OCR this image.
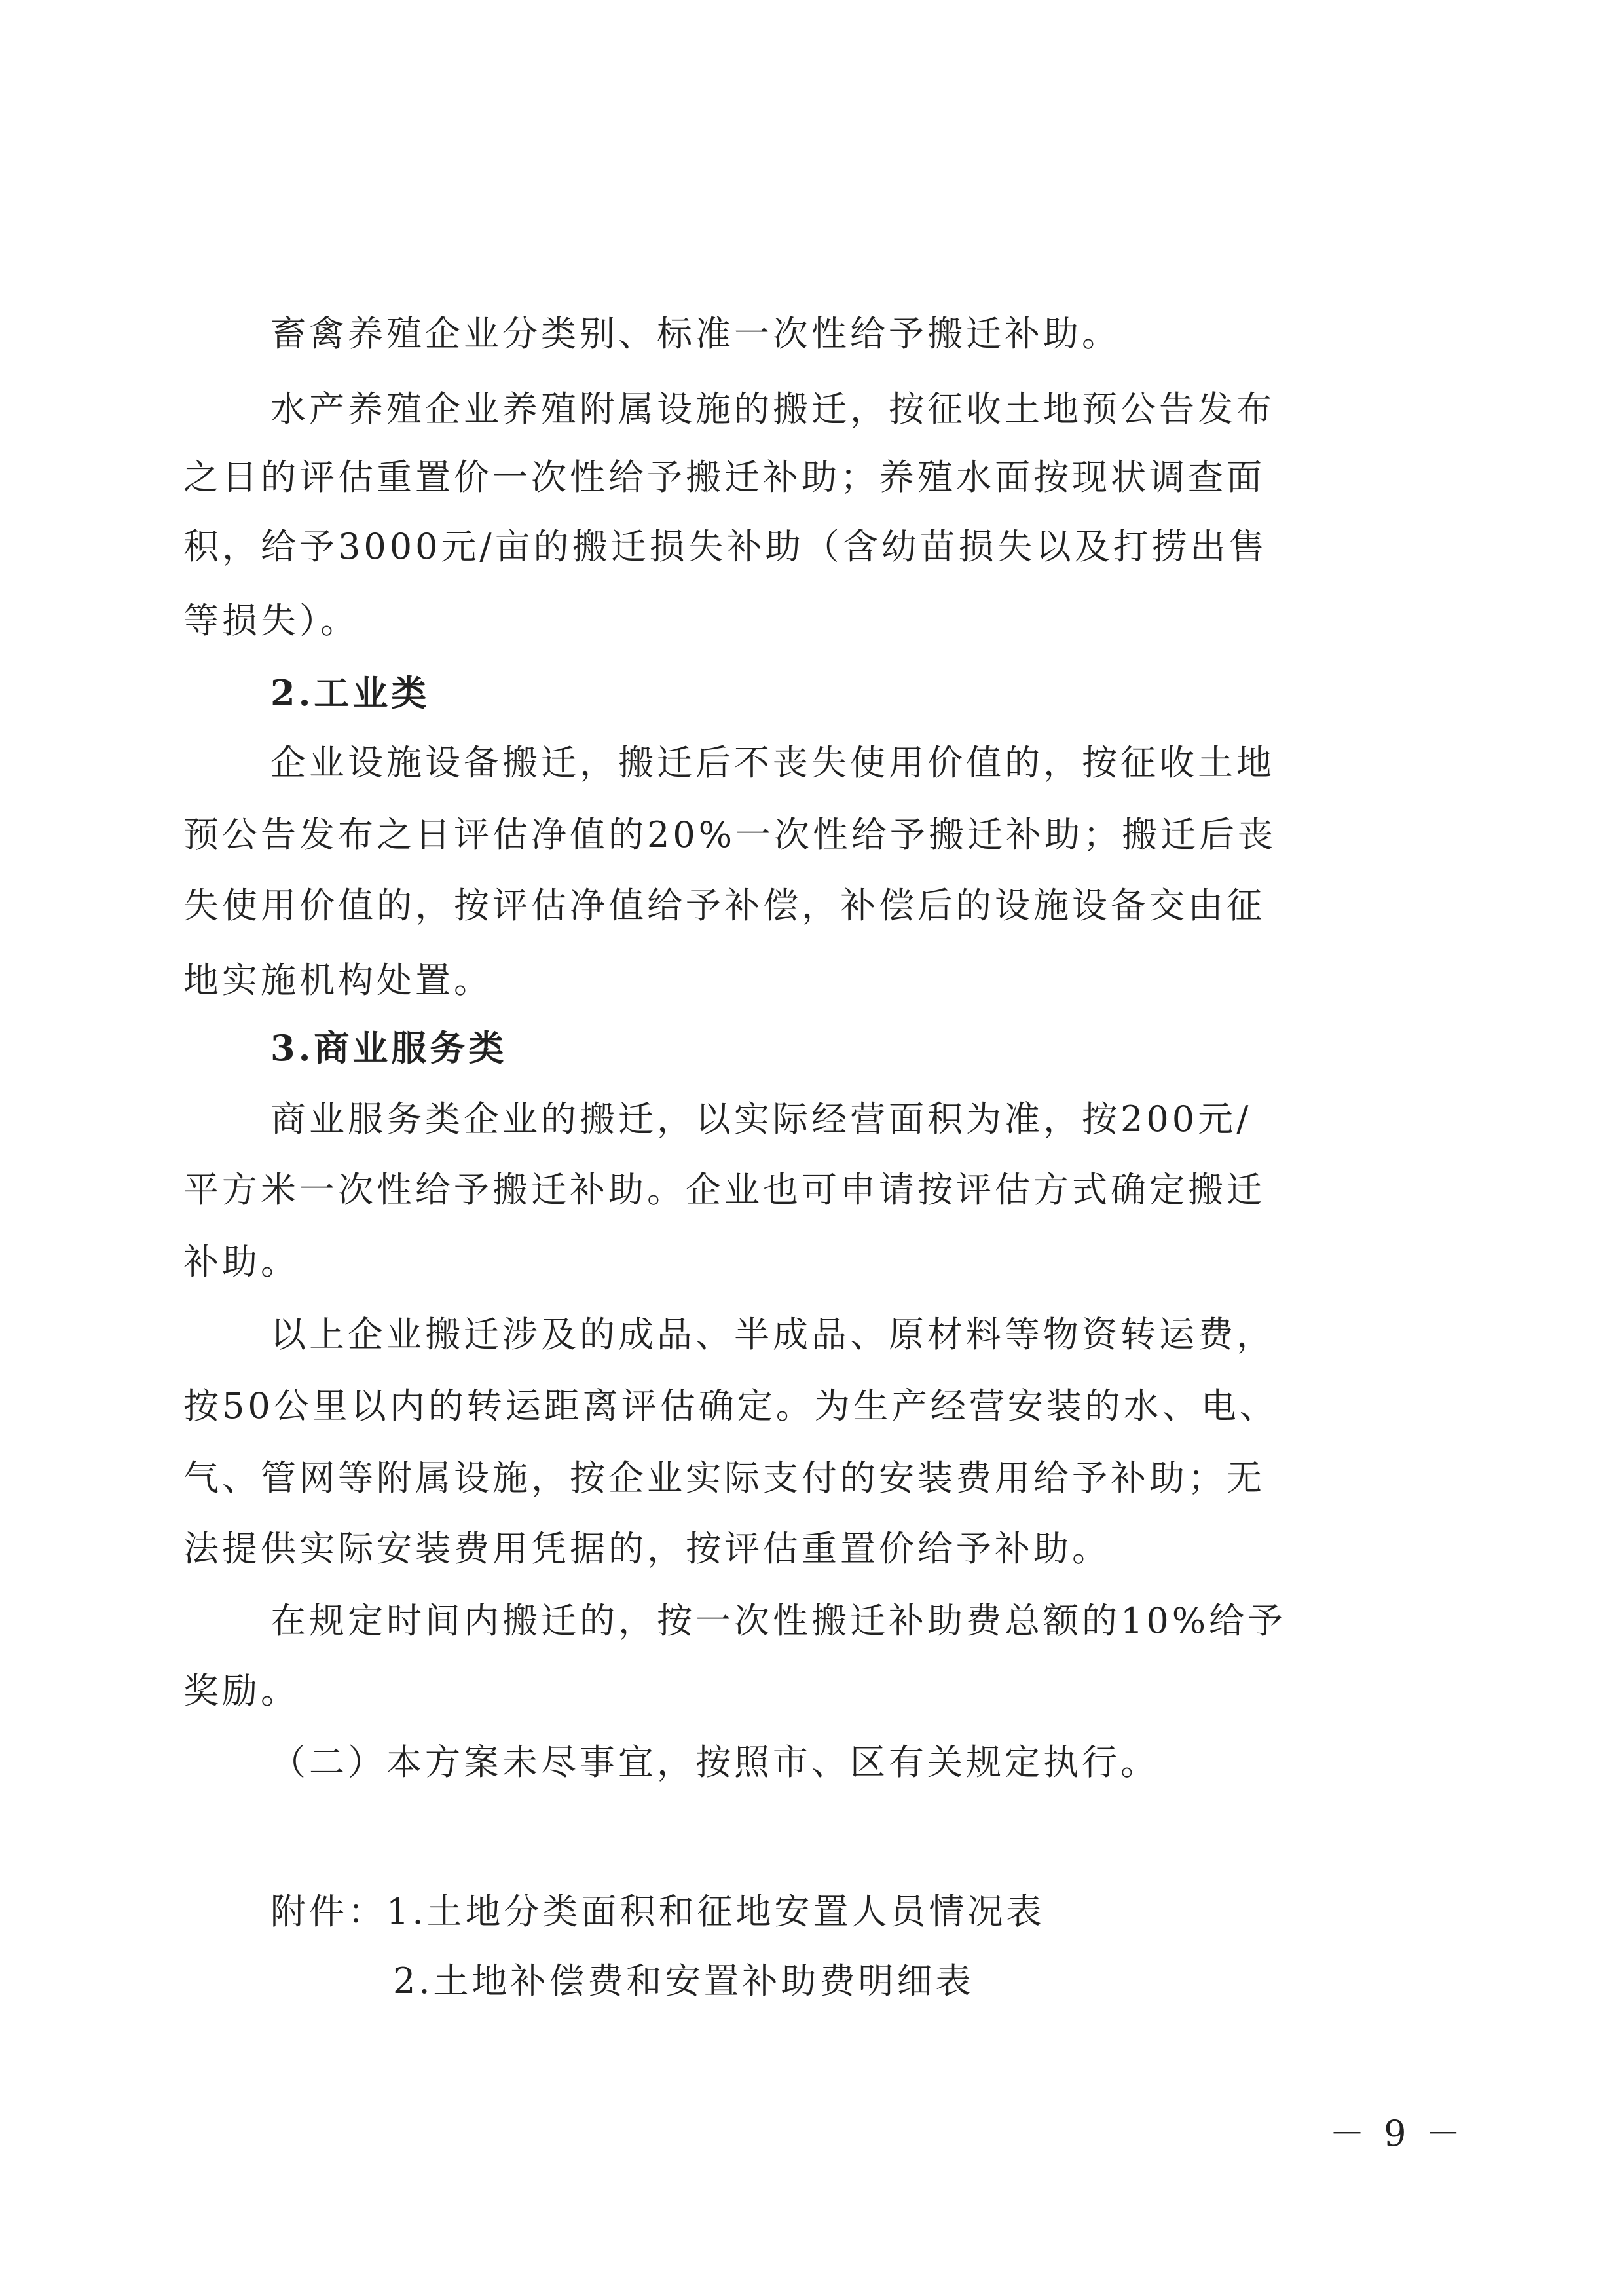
畜禽养殖企业分类别、标准一次性给予搬迁补助。
水产养殖企业养殖附属设施的搬迁，按征收土地预公告发布
之日的评估重置价一次性给予搬迁补助；养殖水面按现状调查面
积，给予3000元/亩的搬迁损失补助（含幼苗损失以及打捞出售
等损失）。
2.工业类
企业设施设备搬迁，搬迁后不丧失使用价值的，按征收土地
预公告发布之日评估净值的20%一次性给予搬迁补助；搬迁后丧
失使用价值的，按评估净值给予补偿，补偿后的设施设备交由征
地实施机构处置。
3.商业服务类
商业服务类企业的搬迁，以实际经营面积为准，按200元/
平方米一次性给予搬迁补助。企业也可申请按评估方式确定搬迁
补助。
以上企业搬迁涉及的成品、半成品、原材料等物资转运费，
按50公里以内的转运距离评估确定。为生产经营安装的水、电、
气、管网等附属设施，按企业实际支付的安装费用给予补助；无
法提供实际安装费用凭据的，按评估重置价给予补助。
在规定时间内搬迁的，按一次性搬迁补助费总额的10%给予
奖励。
（二）本方案未尽事宜，按照市、区有关规定执行。
附件：1.土地分类面积和征地安置人员情况表
2.土地补偿费和安置补助费明细表
－ 9 －
